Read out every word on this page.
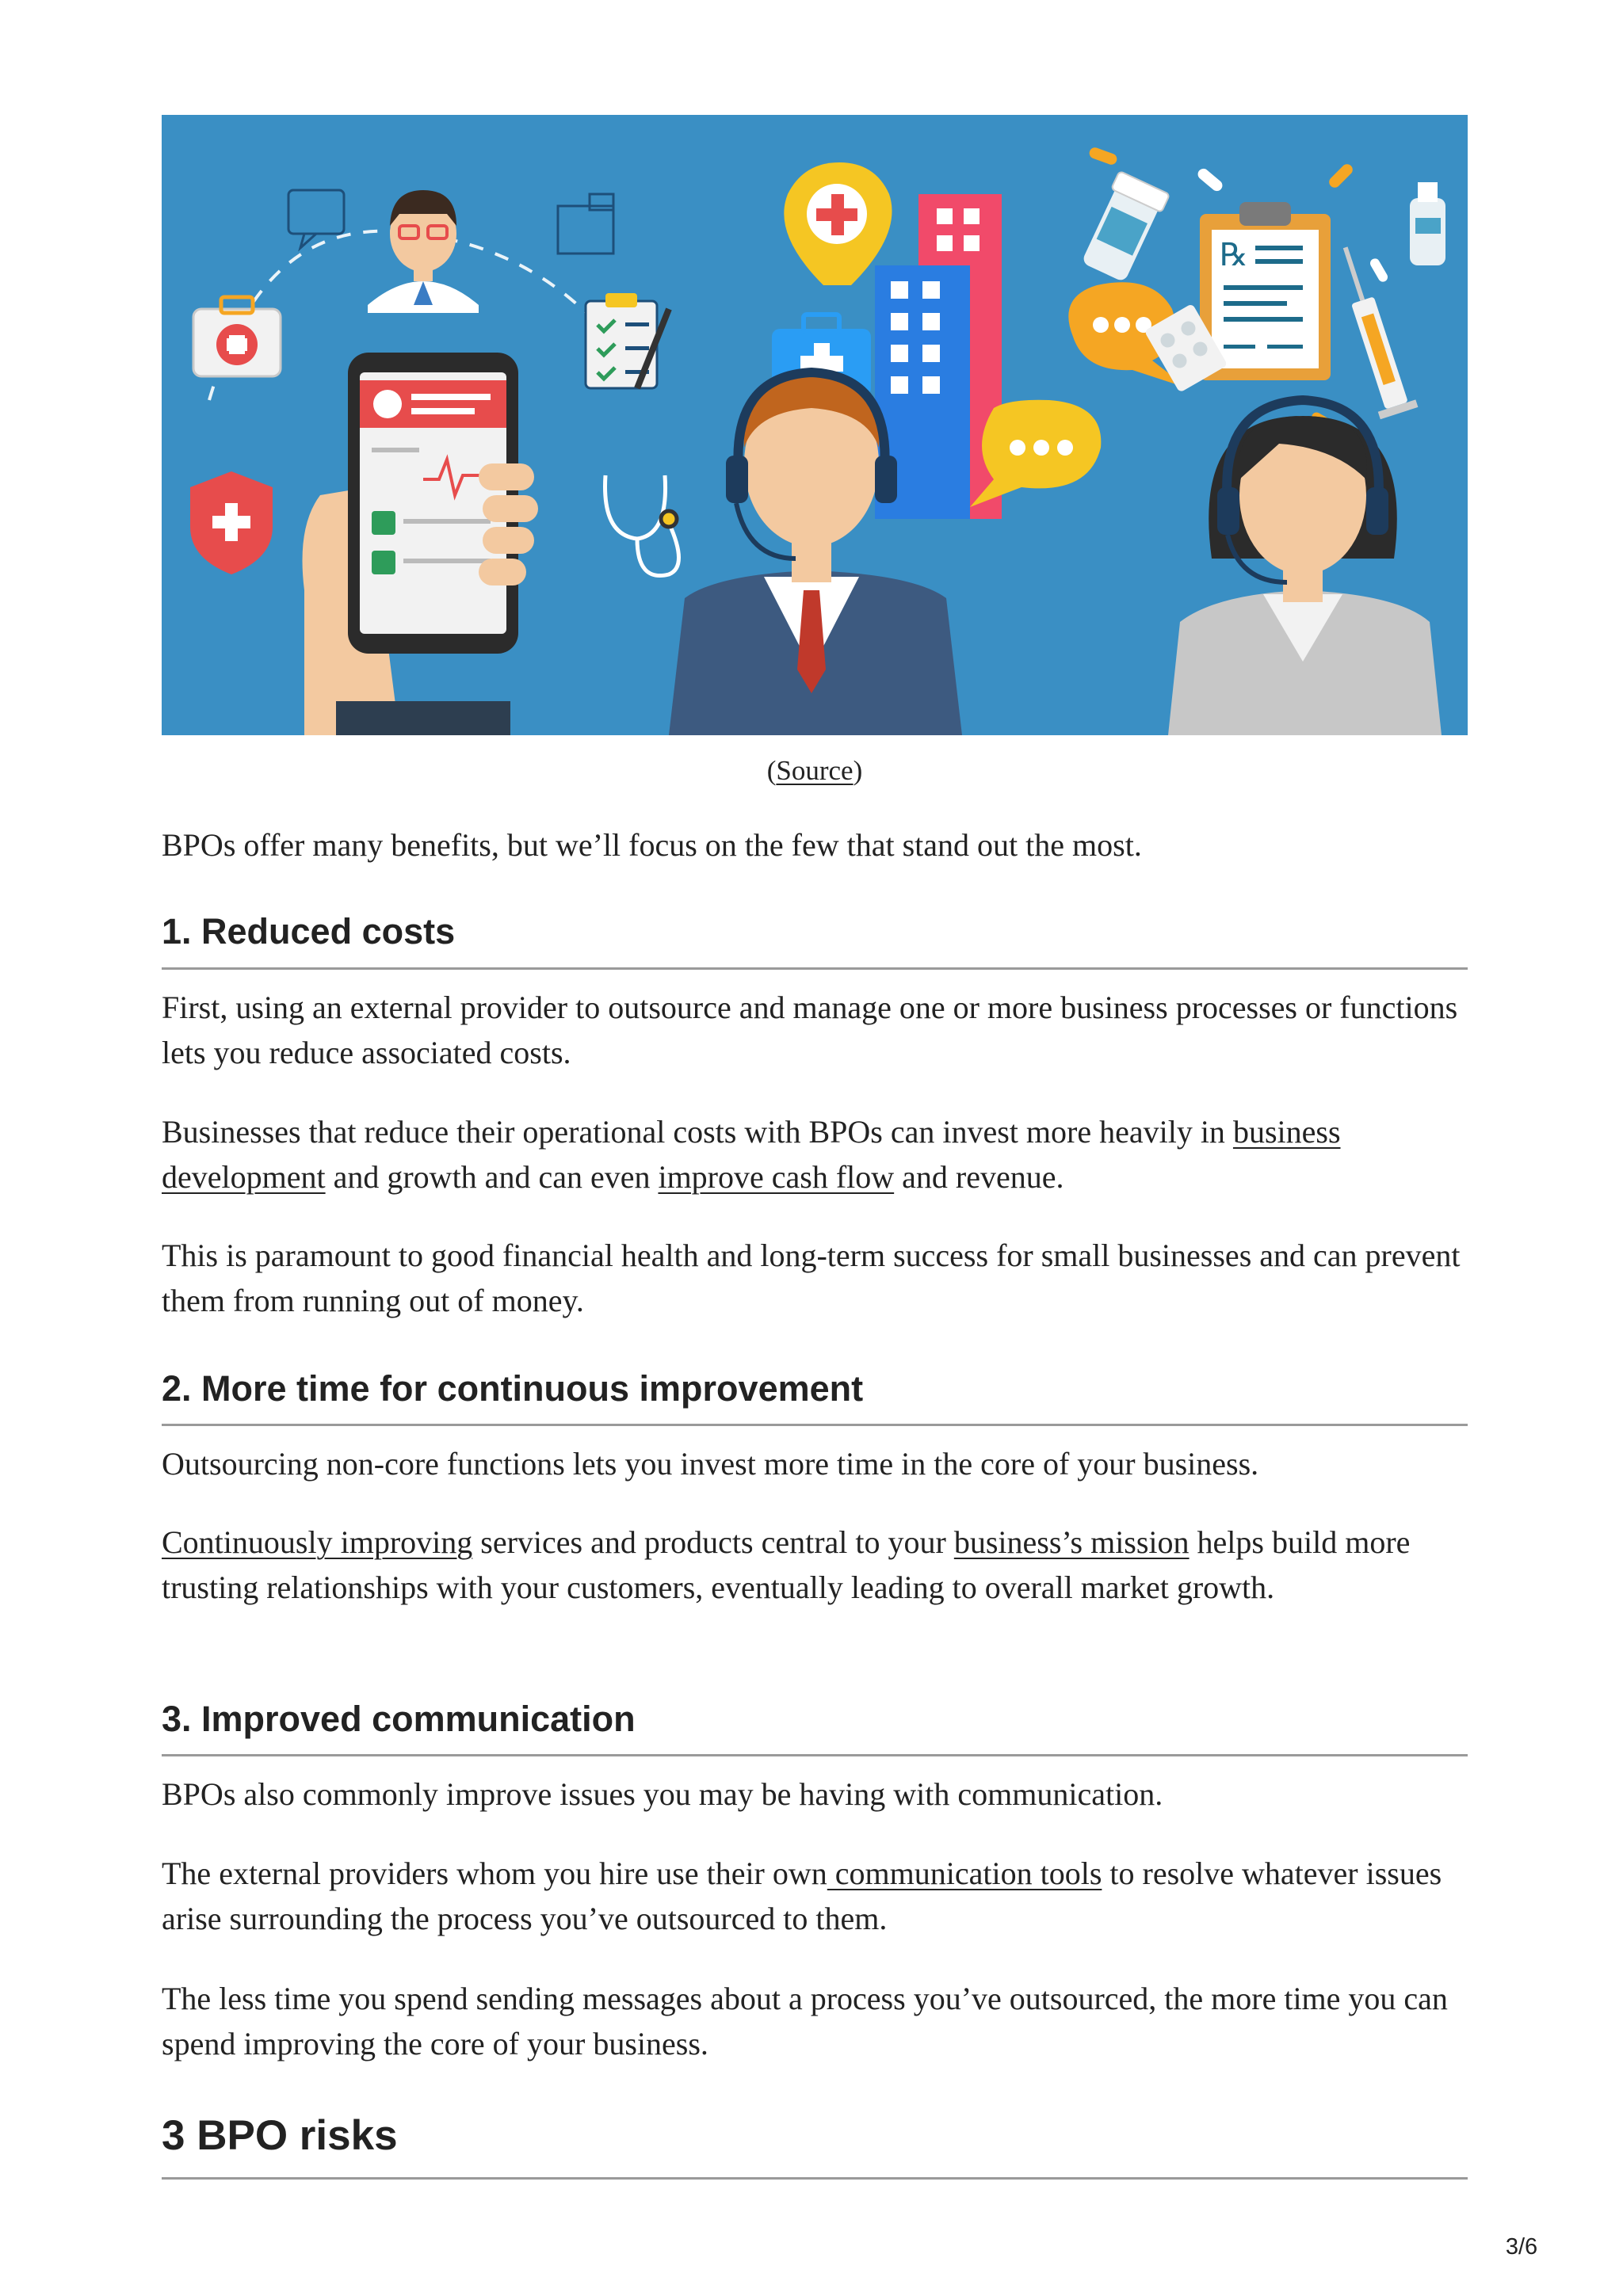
℞
(Source)

BPOs offer many benefits, but we’ll focus on the few that stand out the most.

1. Reduced costs

First, using an external provider to outsource and manage one or more business processes or functions lets you reduce associated costs.

Businesses that reduce their operational costs with BPOs can invest more heavily in business development and growth and can even improve cash flow and revenue.

This is paramount to good financial health and long-term success for small businesses and can prevent them from running out of money.

2. More time for continuous improvement

Outsourcing non-core functions lets you invest more time in the core of your business.

Continuously improving services and products central to your business’s mission helps build more trusting relationships with your customers, eventually leading to overall market growth.

3. Improved communication

BPOs also commonly improve issues you may be having with communication.

The external providers whom you hire use their own communication tools to resolve whatever issues arise surrounding the process you’ve outsourced to them.

The less time you spend sending messages about a process you’ve outsourced, the more time you can spend improving the core of your business.

3 BPO risks
3/6
